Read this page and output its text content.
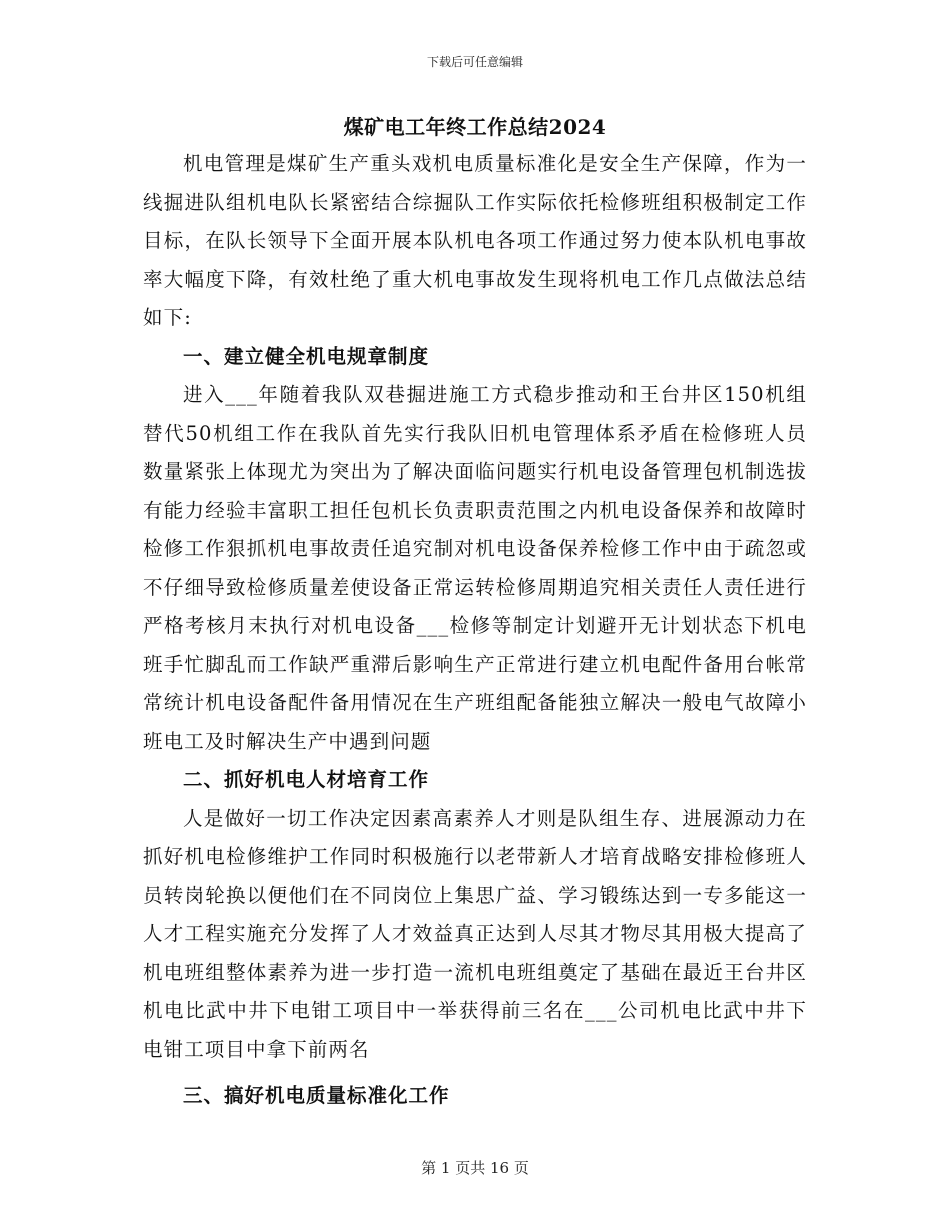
下载后可任意编辑
煤矿电工年终工作总结2024

机电管理是煤矿生产重头戏机电质量标准化是安全生产保障，作为一线掘进队组机电队长紧密结合综掘队工作实际依托检修班组积极制定工作目标，在队长领导下全面开展本队机电各项工作通过努力使本队机电事故率大幅度下降，有效杜绝了重大机电事故发生现将机电工作几点做法总结如下:

一、建立健全机电规章制度

进入___年随着我队双巷掘进施工方式稳步推动和王台井区150机组替代50机组工作在我队首先实行我队旧机电管理体系矛盾在检修班人员数量紧张上体现尤为突出为了解决面临问题实行机电设备管理包机制选拔有能力经验丰富职工担任包机长负责职责范围之内机电设备保养和故障时检修工作狠抓机电事故责任追究制对机电设备保养检修工作中由于疏忽或不仔细导致检修质量差使设备正常运转检修周期追究相关责任人责任进行严格考核月末执行对机电设备___检修等制定计划避开无计划状态下机电班手忙脚乱而工作缺严重滞后影响生产正常进行建立机电配件备用台帐常常统计机电设备配件备用情况在生产班组配备能独立解决一般电气故障小班电工及时解决生产中遇到问题

二、抓好机电人材培育工作

人是做好一切工作决定因素高素养人才则是队组生存、进展源动力在抓好机电检修维护工作同时积极施行以老带新人才培育战略安排检修班人员转岗轮换以便他们在不同岗位上集思广益、学习锻练达到一专多能这一人才工程实施充分发挥了人才效益真正达到人尽其才物尽其用极大提高了机电班组整体素养为进一步打造一流机电班组奠定了基础在最近王台井区机电比武中井下电钳工项目中一举获得前三名在___公司机电比武中井下电钳工项目中拿下前两名

三、搞好机电质量标准化工作
第 1 页共 16 页
